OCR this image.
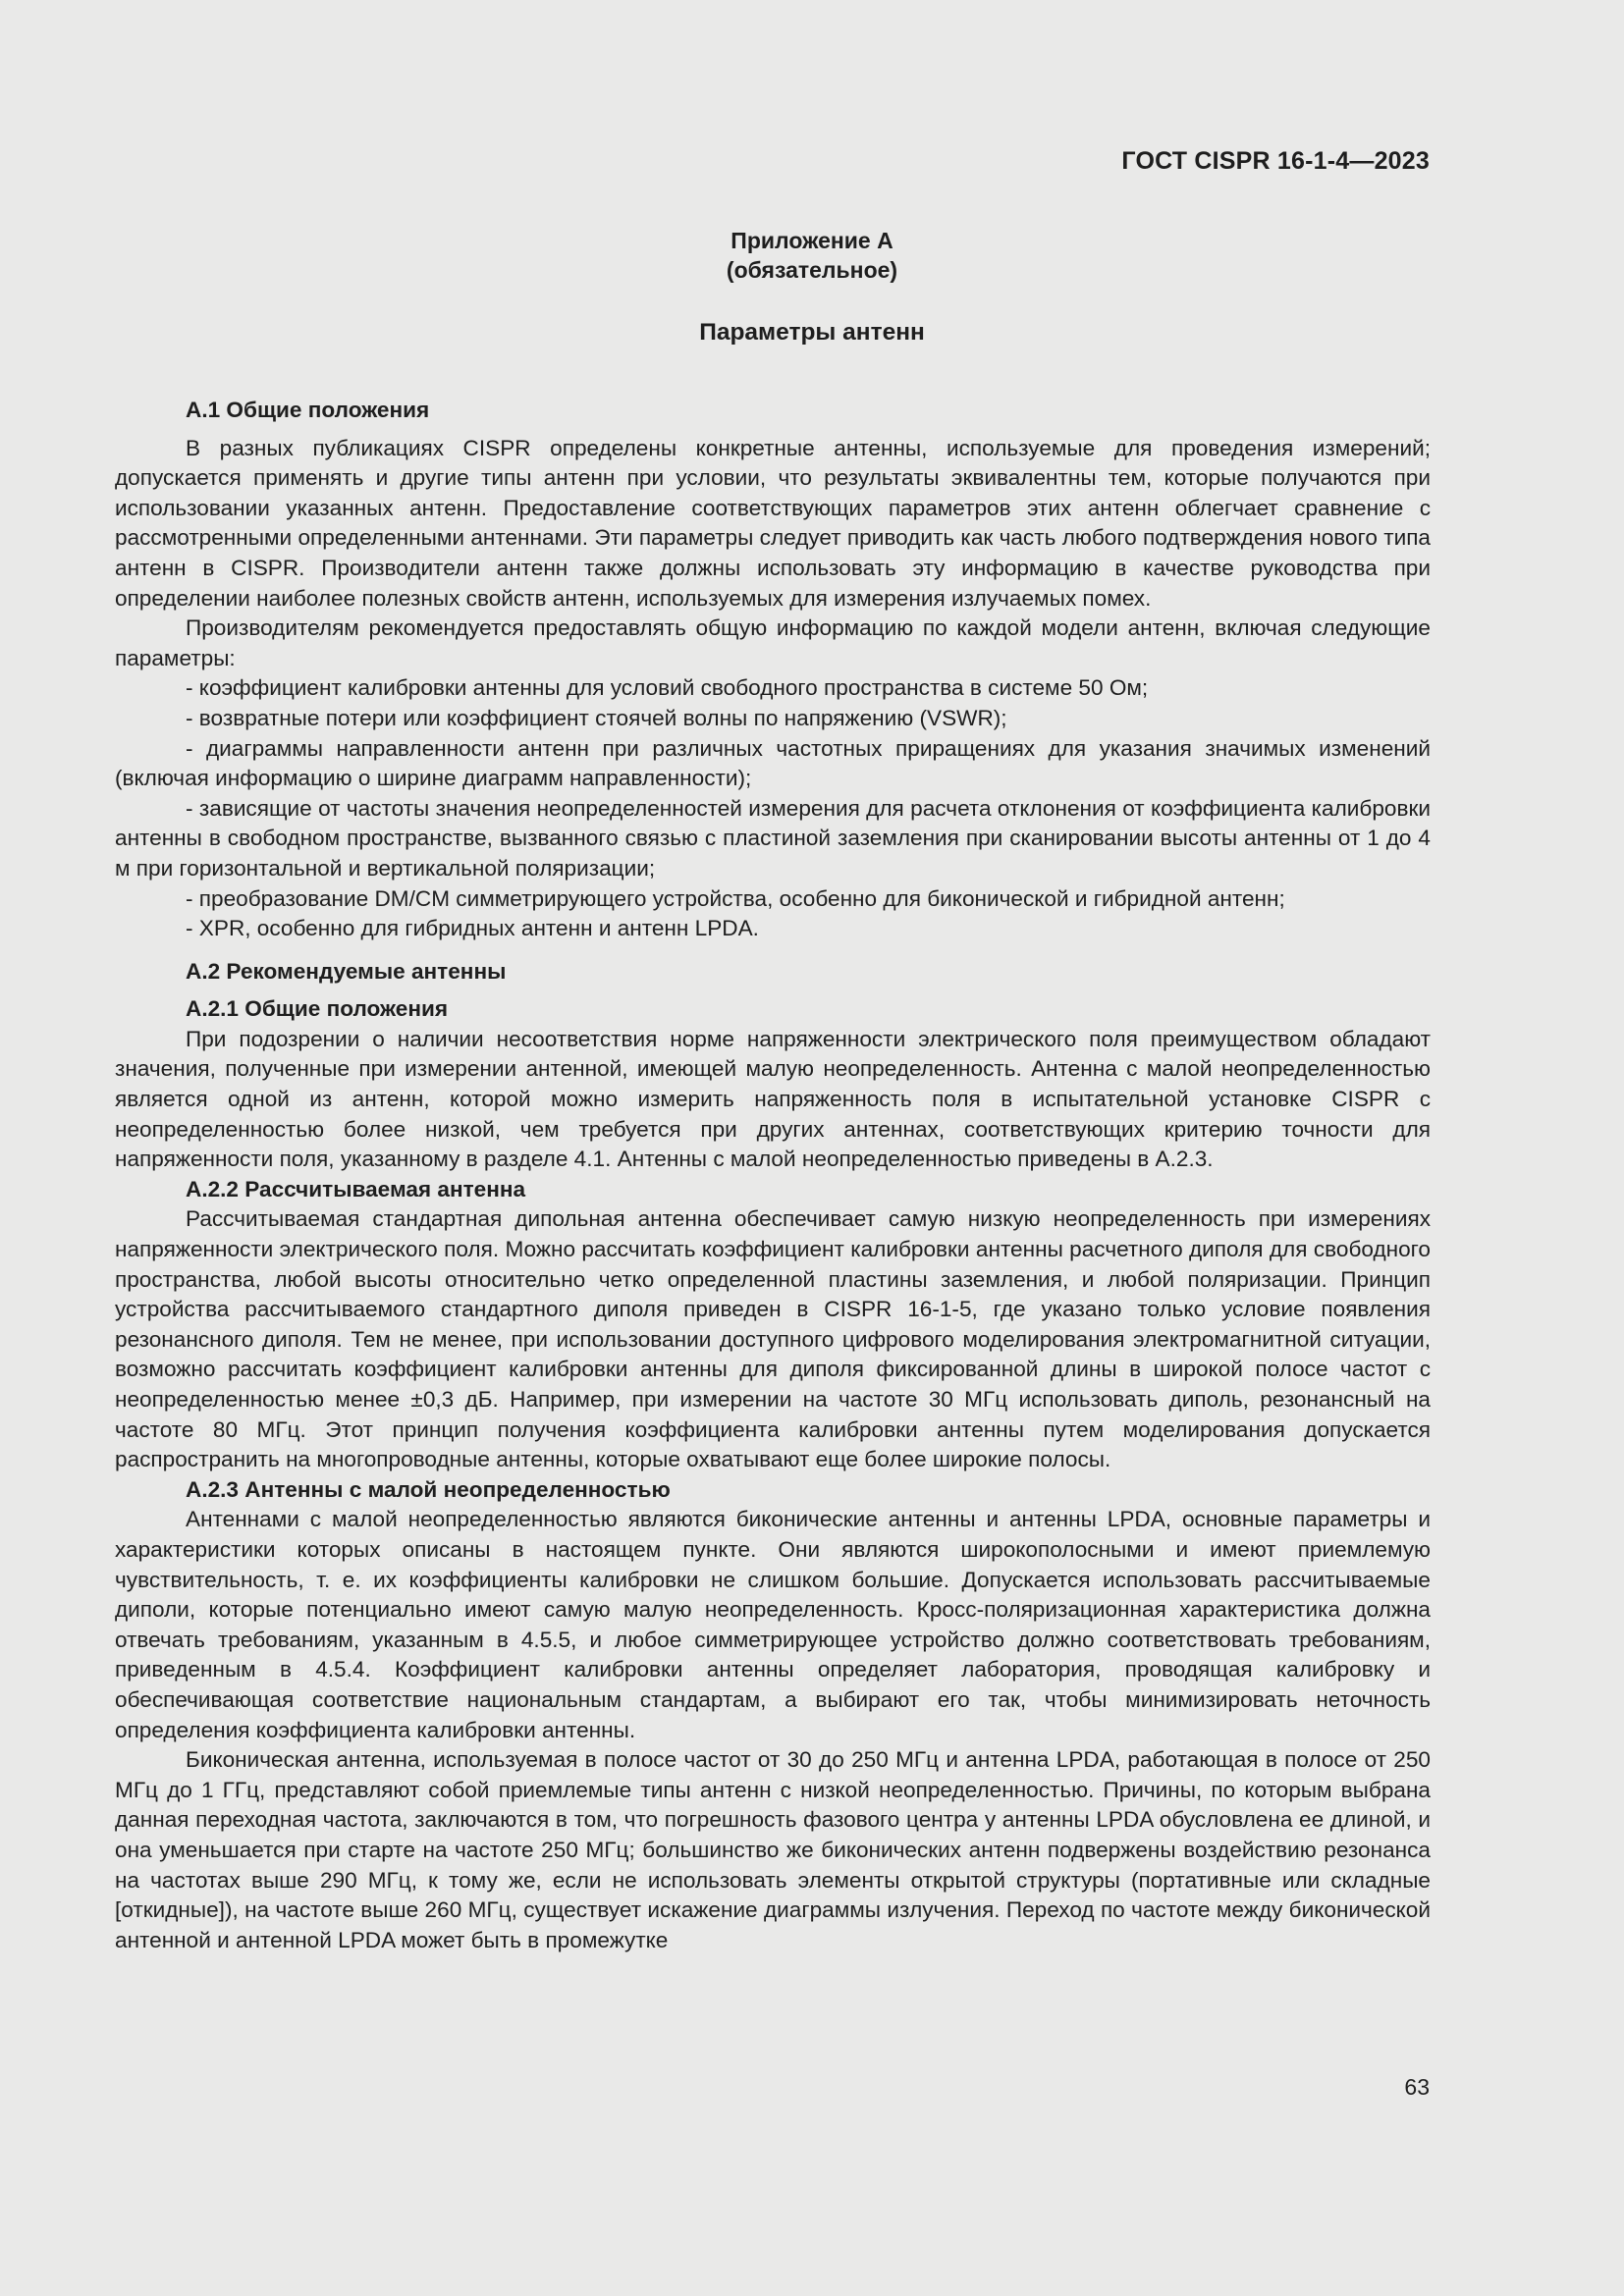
ГОСТ CISPR 16-1-4—2023
Приложение А
(обязательное)
Параметры антенн

А.1 Общие положения

В разных публикациях CISPR определены конкретные антенны, используемые для проведения измерений; допускается применять и другие типы антенн при условии, что результаты эквивалентны тем, которые получаются при использовании указанных антенн. Предоставление соответствующих параметров этих антенн облегчает сравнение с рассмотренными определенными антеннами. Эти параметры следует приводить как часть любого подтверждения нового типа антенн в CISPR. Производители антенн также должны использовать эту информацию в качестве руководства при определении наиболее полезных свойств антенн, используемых для измерения излучаемых помех.

Производителям рекомендуется предоставлять общую информацию по каждой модели антенн, включая следующие параметры:

- коэффициент калибровки антенны для условий свободного пространства в системе 50 Ом;

- возвратные потери или коэффициент стоячей волны по напряжению (VSWR);

- диаграммы направленности антенн при различных частотных приращениях для указания значимых изменений (включая информацию о ширине диаграмм направленности);

- зависящие от частоты значения неопределенностей измерения для расчета отклонения от коэффициента калибровки антенны в свободном пространстве, вызванного связью с пластиной заземления при сканировании высоты антенны от 1 до 4 м при горизонтальной и вертикальной поляризации;

- преобразование DM/CM симметрирующего устройства, особенно для биконической и гибридной антенн;

- XPR, особенно для гибридных антенн и антенн LPDA.

А.2 Рекомендуемые антенны

А.2.1 Общие положения

При подозрении о наличии несоответствия норме напряженности электрического поля преимуществом обладают значения, полученные при измерении антенной, имеющей малую неопределенность. Антенна с малой неопределенностью является одной из антенн, которой можно измерить напряженность поля в испытательной установке CISPR с неопределенностью более низкой, чем требуется при других антеннах, соответствующих критерию точности для напряженности поля, указанному в разделе 4.1. Антенны с малой неопределенностью приведены в А.2.3.

А.2.2 Рассчитываемая антенна

Рассчитываемая стандартная дипольная антенна обеспечивает самую низкую неопределенность при измерениях напряженности электрического поля. Можно рассчитать коэффициент калибровки антенны расчетного диполя для свободного пространства, любой высоты относительно четко определенной пластины заземления, и любой поляризации. Принцип устройства рассчитываемого стандартного диполя приведен в CISPR 16-1-5, где указано только условие появления резонансного диполя. Тем не менее, при использовании доступного цифрового моделирования электромагнитной ситуации, возможно рассчитать коэффициент калибровки антенны для диполя фиксированной длины в широкой полосе частот с неопределенностью менее ±0,3 дБ. Например, при измерении на частоте 30 МГц использовать диполь, резонансный на частоте 80 МГц. Этот принцип получения коэффициента калибровки антенны путем моделирования допускается распространить на многопроводные антенны, которые охватывают еще более широкие полосы.

А.2.3 Антенны с малой неопределенностью

Антеннами с малой неопределенностью являются биконические антенны и антенны LPDA, основные параметры и характеристики которых описаны в настоящем пункте. Они являются широкополосными и имеют приемлемую чувствительность, т. е. их коэффициенты калибровки не слишком большие. Допускается использовать рассчитываемые диполи, которые потенциально имеют самую малую неопределенность. Кросс-поляризационная характеристика должна отвечать требованиям, указанным в 4.5.5, и любое симметрирующее устройство должно соответствовать требованиям, приведенным в 4.5.4. Коэффициент калибровки антенны определяет лаборатория, проводящая калибровку и обеспечивающая соответствие национальным стандартам, а выбирают его так, чтобы минимизировать неточность определения коэффициента калибровки антенны.

Биконическая антенна, используемая в полосе частот от 30 до 250 МГц и антенна LPDA, работающая в полосе от 250 МГц до 1 ГГц, представляют собой приемлемые типы антенн с низкой неопределенностью. Причины, по которым выбрана данная переходная частота, заключаются в том, что погрешность фазового центра у антенны LPDA обусловлена ее длиной, и она уменьшается при старте на частоте 250 МГц; большинство же биконических антенн подвержены воздействию резонанса на частотах выше 290 МГц, к тому же, если не использовать элементы открытой структуры (портативные или складные [откидные]), на частоте выше 260 МГц, существует искажение диаграммы излучения. Переход по частоте между биконической антенной и антенной LPDA может быть в промежутке

63
